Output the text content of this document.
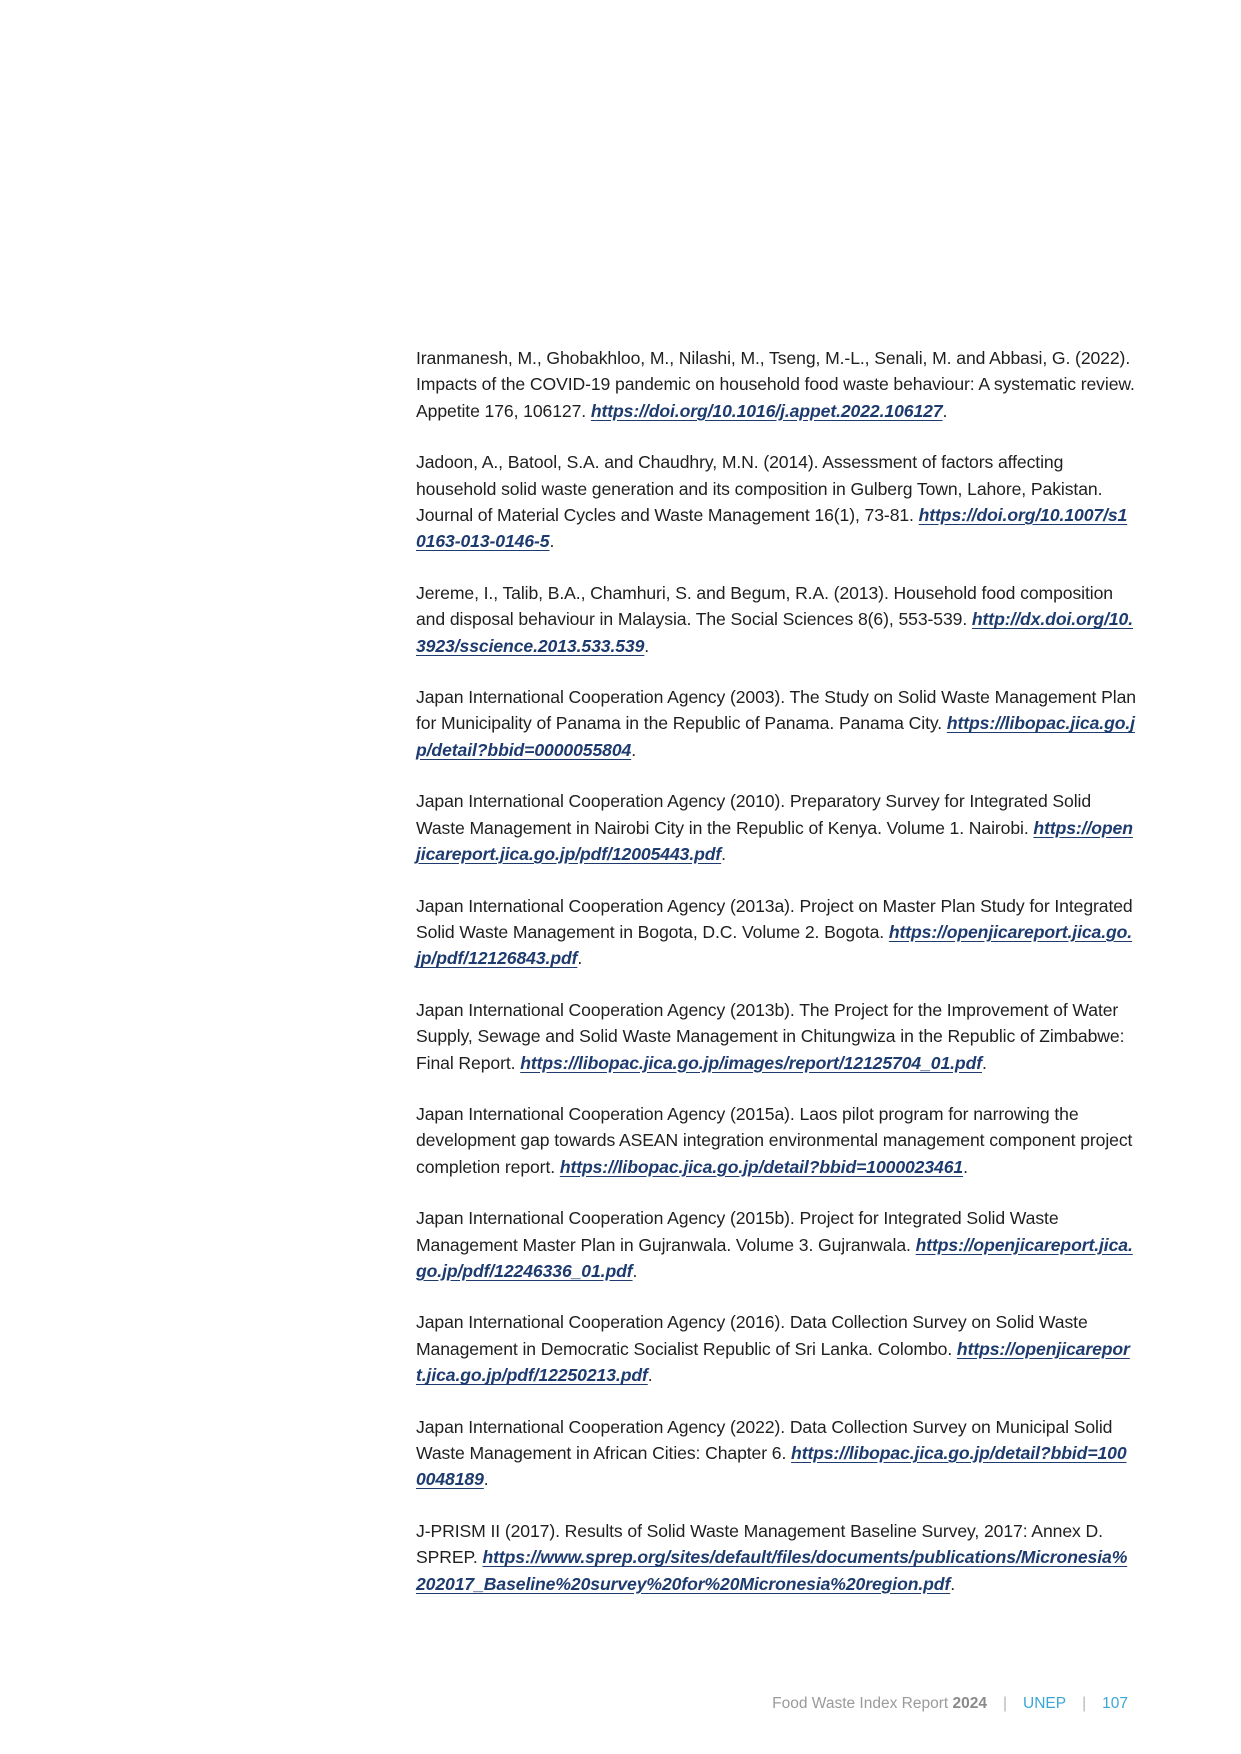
Iranmanesh, M., Ghobakhloo, M., Nilashi, M., Tseng, M.-L., Senali, M. and Abbasi, G. (2022). Impacts of the COVID-19 pandemic on household food waste behaviour: A systematic review. Appetite 176, 106127. https://doi.org/10.1016/j.appet.2022.106127.

Jadoon, A., Batool, S.A. and Chaudhry, M.N. (2014). Assessment of factors affecting household solid waste generation and its composition in Gulberg Town, Lahore, Pakistan. Journal of Material Cycles and Waste Management 16(1), 73-81. https://doi.org/10.1007/s10163-013-0146-5.

Jereme, I., Talib, B.A., Chamhuri, S. and Begum, R.A. (2013). Household food composition and disposal behaviour in Malaysia. The Social Sciences 8(6), 553-539. http://dx.doi.org/10.3923/sscience.2013.533.539.

Japan International Cooperation Agency (2003). The Study on Solid Waste Management Plan for Municipality of Panama in the Republic of Panama. Panama City. https://libopac.jica.go.jp/detail?bbid=0000055804.

Japan International Cooperation Agency (2010). Preparatory Survey for Integrated Solid Waste Management in Nairobi City in the Republic of Kenya. Volume 1. Nairobi. https://openjicareport.jica.go.jp/pdf/12005443.pdf.

Japan International Cooperation Agency (2013a). Project on Master Plan Study for Integrated Solid Waste Management in Bogota, D.C. Volume 2. Bogota. https://openjicareport.jica.go.jp/pdf/12126843.pdf.

Japan International Cooperation Agency (2013b). The Project for the Improvement of Water Supply, Sewage and Solid Waste Management in Chitungwiza in the Republic of Zimbabwe: Final Report. https://libopac.jica.go.jp/images/report/12125704_01.pdf.

Japan International Cooperation Agency (2015a). Laos pilot program for narrowing the development gap towards ASEAN integration environmental management component project completion report. https://libopac.jica.go.jp/detail?bbid=1000023461.

Japan International Cooperation Agency (2015b). Project for Integrated Solid Waste Management Master Plan in Gujranwala. Volume 3. Gujranwala. https://openjicareport.jica.go.jp/pdf/12246336_01.pdf.

Japan International Cooperation Agency (2016). Data Collection Survey on Solid Waste Management in Democratic Socialist Republic of Sri Lanka. Colombo. https://openjicareport.jica.go.jp/pdf/12250213.pdf.

Japan International Cooperation Agency (2022). Data Collection Survey on Municipal Solid Waste Management in African Cities: Chapter 6. https://libopac.jica.go.jp/detail?bbid=1000048189.

J-PRISM II (2017). Results of Solid Waste Management Baseline Survey, 2017: Annex D. SPREP. https://www.sprep.org/sites/default/files/documents/publications/Micronesia%202017_Baseline%20survey%20for%20Micronesia%20region.pdf.

Food Waste Index Report 2024 | UNEP | 107
